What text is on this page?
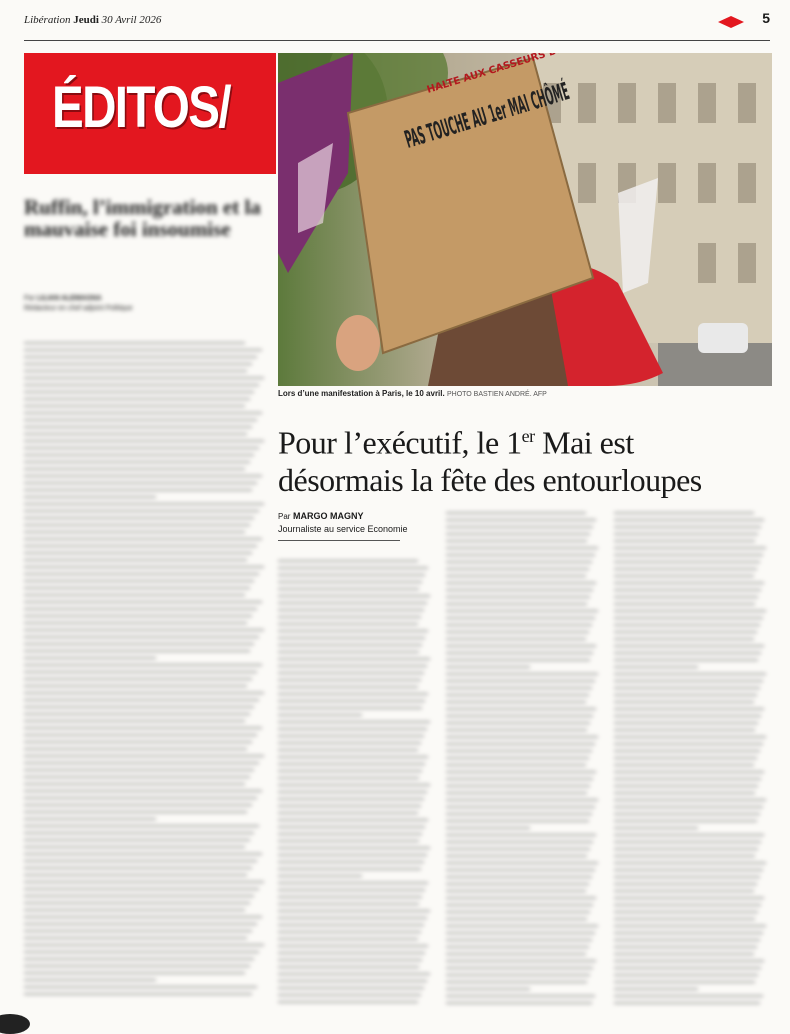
Libération Jeudi 30 Avril 2026	5
ÉDITOS/
Ruffin, l’immigration et la mauvaise foi insoumise
Par LILIAN ALEMAGNA
Rédacteur en chef adjoint Politique
HALTE AUX CASSEURS
Lors d’une manifestation à Paris, le 10 avril. PHOTO BASTIEN ANDRÉ. AFP
Pour l’exécutif, le 1er Mai est
désormais la fête des entourloupes
Par MARGO MAGNY
Journaliste au service Economie
